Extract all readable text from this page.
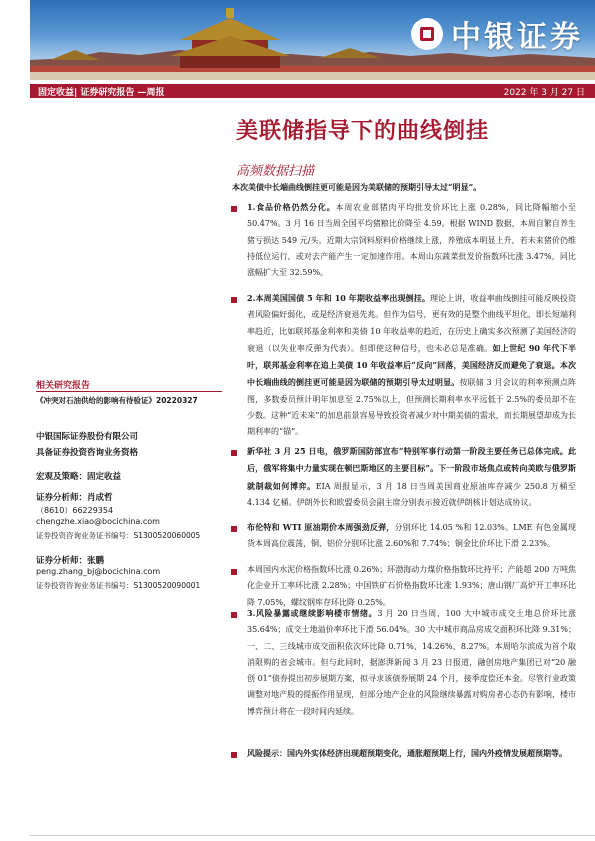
中银证券
固定收益| 证券研究报告 —周报	2022 年 3 月 27 日
美联储指导下的曲线倒挂
高频数据扫描
本次美债中长端曲线倒挂更可能是因为美联储的预期引导太过“明显”。
1.食品价格仍然分化。本周农业部猪肉平均批发价环比上涨 0.28%，同比降幅缩小至 50.47%。3 月 16 日当周全国平均猪粮比价降至 4.59。根据 WIND 数据，本周自繁自养生猪亏损达 549 元/头。近期大宗饲料原料价格继续上涨，养殖成本明显上升，若未来猪价仍维持低位运行，或对去产能产生一定加速作用。本周山东蔬菜批发价指数环比涨 3.47%，同比涨幅扩大至 32.59%。
2.本周美国国债 5 年和 10 年期收益率出现倒挂。理论上讲，收益率曲线倒挂可能反映投资者风险偏好弱化，或是经济衰退先兆。但作为信号，更有效的是整个曲线平坦化，即长短端利率趋近，比如联邦基金利率和美债 10 年收益率的趋近，在历史上确实多次预测了美国经济的衰退（以失业率反弹为代表）。但即使这种信号，也未必总是准确。如上世纪 90 年代下半叶，联邦基金利率在追上美债 10 年收益率后“反向”回落，美国经济反而避免了衰退。本次中长端曲线的倒挂更可能是因为联储的预期引导太过明显。按联储 3 月会议的利率预测点阵图，多数委员预计明年加息至 2.75%以上，但预测长期利率水平远低于 2.5%的委员却不在少数。这种“近未来”的加息前景容易导致投资者减少对中期美债的需求，而长期展望却成为长期利率的“锚”。
新华社 3 月 25 日电，俄罗斯国防部宣布“特别军事行动第一阶段主要任务已总体完成。此后，俄军将集中力量实现在顿巴斯地区的主要目标”。下一阶段市场焦点或转向美欧与俄罗斯就制裁如何博弈。EIA 周报显示，3 月 18 日当周美国商业原油库存减少 250.8 万桶至 4.134 亿桶。伊朗外长和欧盟委员会副主席分别表示接近就伊朗核计划达成协议。
布伦特和 WTI 原油期价本周强劲反弹，分别环比 14.05 %和 12.03%。LME 有色金属现货本周高位震荡，铜、铝价分别环比涨 2.60%和 7.74%；铜金比价环比下滑 2.23%。
本周国内水泥价格指数环比涨 0.26%；环渤海动力煤价格指数环比持平；产能超 200 万吨焦化企业开工率环比涨 2.28%；中国铁矿石价格指数环比涨 1.93%；唐山钢厂高炉开工率环比降 7.05%，螺纹钢库存环比降 0.25%。
3.风险暴露或继续影响楼市情绪。3 月 20 日当周，100 大中城市成交土地总价环比涨 35.64%；成交土地溢价率环比下滑 56.04%。30 大中城市商品房成交面积环比降 9.31%；一、二、三线城市成交面积依次环比降 0.71%、14.26%、8.27%。本周哈尔滨成为首个取消限购的省会城市。但与此同时，据澎湃新闻 3 月 23 日报道，融创房地产集团已对“20 融创 01”债券提出初步展期方案，拟寻求该债券展期 24 个月，接季度偿还本金。尽管行业政策调整对地产股的提振作用显现，但部分地产企业的风险继续暴露对购房者心态仍有影响，楼市博弈预计将在一段时间内延续。
风险提示：国内外实体经济出现超预期变化，通胀超预期上行，国内外疫情发展超预期等。
相关研究报告
《冲突对石油供给的影响有待验证》20220327
中银国际证券股份有限公司
具备证券投资咨询业务资格
宏观及策略：固定收益
证券分析师：肖成哲
（8610）66229354
chengzhe.xiao@bocichina.com
证券投资咨询业务证书编号：S1300520060005
证券分析师：张鹏
peng.zhang_bj@bocichina.com
证券投资咨询业务证书编号：S1300520090001
